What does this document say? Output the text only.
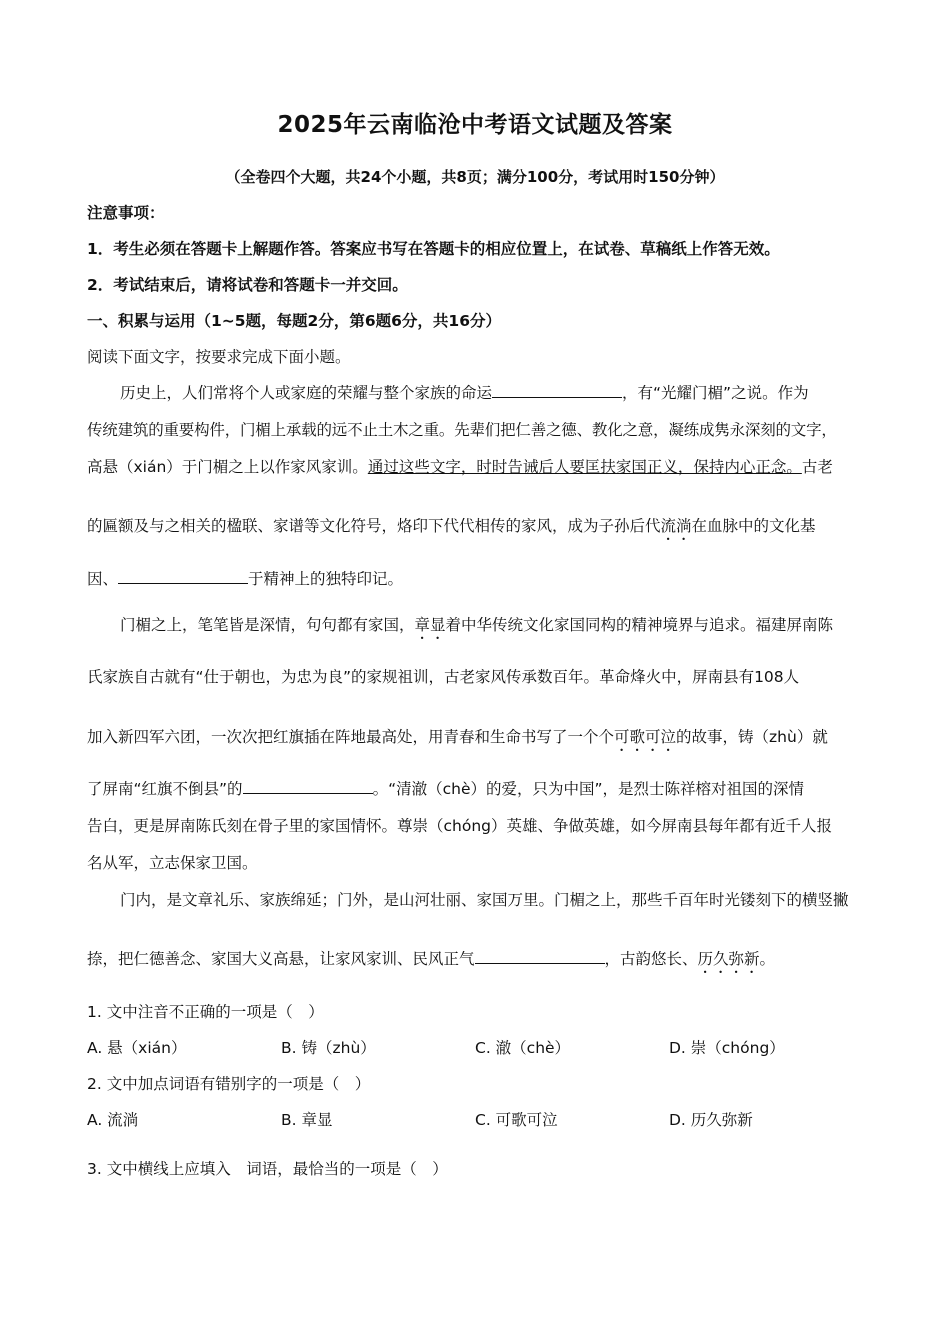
2025年云南临沧中考语文试题及答案
（全卷四个大题，共24个小题，共8页；满分100分，考试用时150分钟）
注意事项：
1．考生必须在答题卡上解题作答。答案应书写在答题卡的相应位置上，在试卷、草稿纸上作答无效。
2．考试结束后，请将试卷和答题卡一并交回。
一、积累与运用（1~5题，每题2分，第6题6分，共16分）
阅读下面文字，按要求完成下面小题。
历史上，人们常将个人或家庭的荣耀与整个家族的命运	，有“光耀门楣”之说。作为
传统建筑的重要构件，门楣上承载的远不止土木之重。先辈们把仁善之德、教化之意，凝练成隽永深刻的文字，
高悬（xián）于门楣之上以作家风家训。通过这些文字，时时告诫后人要匡扶家国正义，保持内心正念。古老
的匾额及与之相关的楹联、家谱等文化符号，烙印下代代相传的家风，成为子孙后代流淌在血脉中的文化基
因、	于精神上的独特印记。
门楣之上，笔笔皆是深情，句句都有家国，章显着中华传统文化家国同构的精神境界与追求。福建屏南陈
氏家族自古就有“仕于朝也，为忠为良”的家规祖训，古老家风传承数百年。革命烽火中，屏南县有108人
加入新四军六团，一次次把红旗插在阵地最高处，用青春和生命书写了一个个可歌可泣的故事，铸（zhù）就
了屏南“红旗不倒县”的	。“清澈（chè）的爱，只为中国”，是烈士陈祥榕对祖国的深情
告白，更是屏南陈氏刻在骨子里的家国情怀。尊崇（chóng）英雄、争做英雄，如今屏南县每年都有近千人报
名从军，立志保家卫国。
门内，是文章礼乐、家族绵延；门外，是山河壮丽、家国万里。门楣之上，那些千百年时光镂刻下的横竖撇
捺，把仁德善念、家国大义高悬，让家风家训、民风正气	，古韵悠长、历久弥新。
1. 文中注音不正确的一项是（　）
A. 悬（xián）	B. 铸（zhù）	C. 澈（chè）	D. 崇（chóng）
2. 文中加点词语有错别字的一项是（　）
A. 流淌	B. 章显	C. 可歌可泣	D. 历久弥新
3. 文中横线上应填入　词语，最恰当的一项是（　）
